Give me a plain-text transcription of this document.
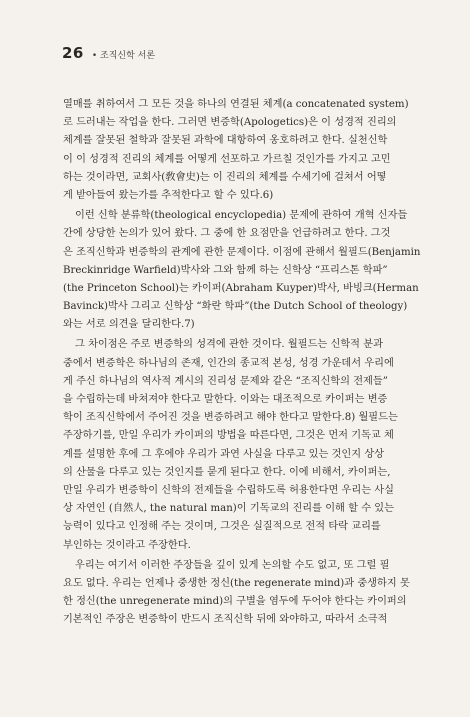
26 • 조직신학 서론
열매를 취하여서 그 모든 것을 하나의 연결된 체계(a concatenated system)
로 드러내는 작업을 한다. 그러면 변증학(Apologetics)은 이 성경적 진리의
체계를 잘못된 철학과 잘못된 과학에 대항하여 옹호하려고 한다. 실천신학
이 이 성경적 진리의 체계를 어떻게 선포하고 가르칠 것인가를 가지고 고민
하는 것이라면, 교회사(敎會史)는 이 진리의 체계를 수세기에 걸쳐서 어떻
게 받아들여 왔는가를 추적한다고 할 수 있다.6)
이런 신학 분류학(theological encyclopedia) 문제에 관하여 개혁 신자들
간에 상당한 논의가 있어 왔다. 그 중에 한 요점만을 언급하려고 한다. 그것
은 조직신학과 변증학의 관계에 관한 문제이다. 이점에 관해서 월필드(Benjamin
Breckinridge Warfield)박사와 그와 함께 하는 신학상 “프리스톤 학파”
(the Princeton School)는 카이퍼(Abraham Kuyper)박사, 바빙크(Herman
Bavinck)박사 그리고 신학상 “화란 학파”(the Dutch School of theology)
와는 서로 의견을 달리한다.7)
그 차이점은 주로 변증학의 성격에 관한 것이다. 월필드는 신학적 분과
중에서 변증학은 하나님의 존재, 인간의 종교적 본성, 성경 가운데서 우리에
게 주신 하나님의 역사적 계시의 진리성 문제와 같은 “조직신학의 전제들”
을 수립하는데 바쳐져야 한다고 말한다. 이와는 대조적으로 카이퍼는 변증
학이 조직신학에서 주어진 것을 변증하려고 해야 한다고 말한다.8) 월필드는
주장하기를, 만일 우리가 카이퍼의 방법을 따른다면, 그것은 먼저 기독교 체
계를 설명한 후에 그 후에야 우리가 과연 사실을 다루고 있는 것인지 상상
의 산물을 다루고 있는 것인지를 묻게 된다고 한다. 이에 비해서, 카이퍼는,
만일 우리가 변증학이 신학의 전제들을 수립하도록 허용한다면 우리는 사실
상 자연인 (自然人, the natural man)이 기독교의 진리를 이해 할 수 있는
능력이 있다고 인정해 주는 것이며, 그것은 실질적으로 전적 타락 교리를
부인하는 것이라고 주장한다.
우리는 여기서 이러한 주장들을 깊이 있게 논의할 수도 없고, 또 그럴 필
요도 없다. 우리는 언제나 중생한 정신(the regenerate mind)과 중생하지 못
한 정신(the unregenerate mind)의 구별을 염두에 두어야 한다는 카이퍼의
기본적인 주장은 변증학이 반드시 조직신학 뒤에 와야하고, 따라서 소극적
